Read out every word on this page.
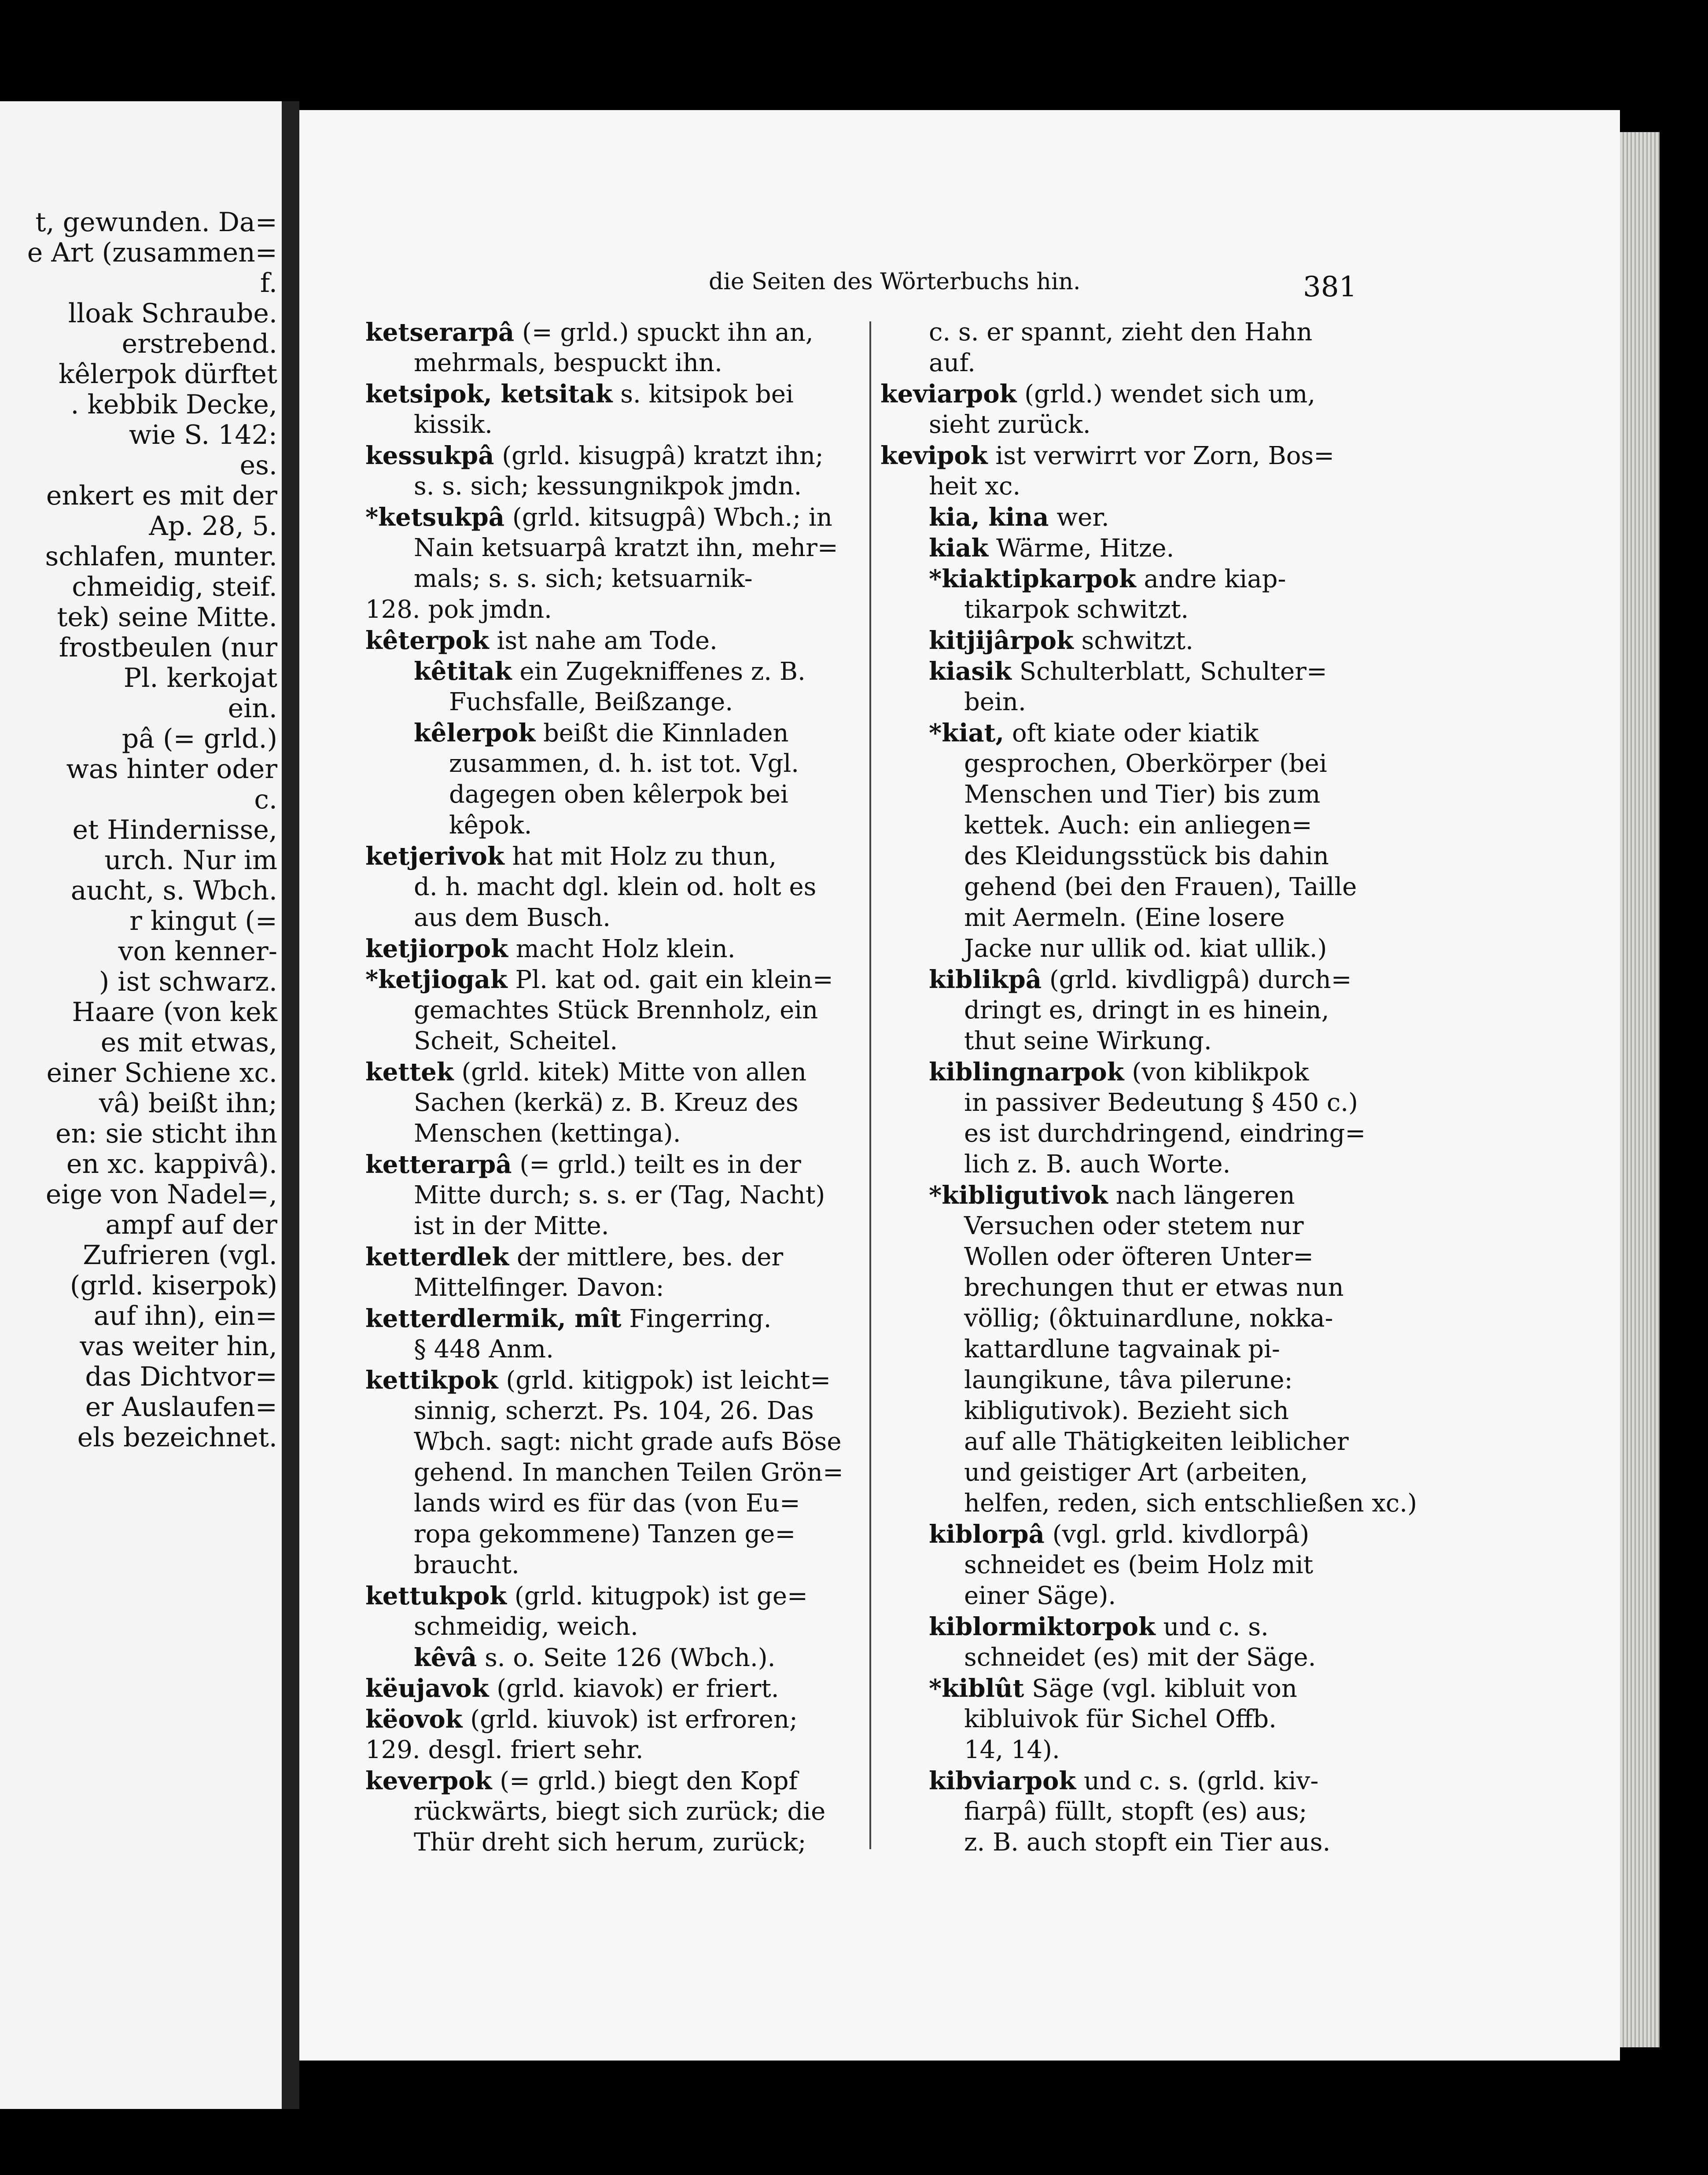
t, gewunden. Da=
e Art (zusammen=
f.
lloak Schraube.
erstrebend.
kêlerpok dürftet
. kebbik Decke,
wie S. 142:
es.
enkert es mit der
Ap. 28, 5.
schlafen, munter.
chmeidig, steif.
tek) seine Mitte.
frostbeulen (nur
Pl. kerkojat
ein.
pâ (= grld.)
was hinter oder
c.
et Hindernisse,
urch. Nur im
aucht, s. Wbch.
r kingut (=
von kenner-
) ist schwarz.
Haare (von kek
es mit etwas,
einer Schiene xc.
vâ) beißt ihn;
en: sie sticht ihn
en xc. kappivâ).
eige von Nadel=,
ampf auf der
Zufrieren (vgl.
(grld. kiserpok)
auf ihn), ein=
vas weiter hin,
das Dichtvor=
er Auslaufen=
els bezeichnet.
die Seiten des Wörterbuchs hin.	381
ketserarpâ (= grld.) spuckt ihn an,
mehrmals, bespuckt ihn.
ketsipok, ketsitak s. kitsipok bei
kissik.
kessukpâ (grld. kisugpâ) kratzt ihn;
s. s. sich; kessungnikpok jmdn.
*ketsukpâ (grld. kitsugpâ) Wbch.; in
Nain ketsuarpâ kratzt ihn, mehr=
mals; s. s. sich; ketsuarnik-
128. pok jmdn.
kêterpok ist nahe am Tode.
kêtitak ein Zugekniffenes z. B.
Fuchsfalle, Beißzange.
kêlerpok beißt die Kinnladen
zusammen, d. h. ist tot. Vgl.
dagegen oben kêlerpok bei
kêpok.
ketjerivok hat mit Holz zu thun,
d. h. macht dgl. klein od. holt es
aus dem Busch.
ketjiorpok macht Holz klein.
*ketjiogak Pl. kat od. gait ein klein=
gemachtes Stück Brennholz, ein
Scheit, Scheitel.
kettek (grld. kitek) Mitte von allen
Sachen (kerkä) z. B. Kreuz des
Menschen (kettinga).
ketterarpâ (= grld.) teilt es in der
Mitte durch; s. s. er (Tag, Nacht)
ist in der Mitte.
ketterdlek der mittlere, bes. der
Mittelfinger. Davon:
ketterdlermik, mît Fingerring.
§ 448 Anm.
kettikpok (grld. kitigpok) ist leicht=
sinnig, scherzt. Ps. 104, 26. Das
Wbch. sagt: nicht grade aufs Böse
gehend. In manchen Teilen Grön=
lands wird es für das (von Eu=
ropa gekommene) Tanzen ge=
braucht.
kettukpok (grld. kitugpok) ist ge=
schmeidig, weich.
kêvâ s. o. Seite 126 (Wbch.).
këujavok (grld. kiavok) er friert.
këovok (grld. kiuvok) ist erfroren;
129. desgl. friert sehr.
keverpok (= grld.) biegt den Kopf
rückwärts, biegt sich zurück; die
Thür dreht sich herum, zurück;
c. s. er spannt, zieht den Hahn
auf.
keviarpok (grld.) wendet sich um,
sieht zurück.
kevipok ist verwirrt vor Zorn, Bos=
heit xc.
kia, kina wer.
kiak Wärme, Hitze.
*kiaktipkarpok andre kiap-
tikarpok schwitzt.
kitjijârpok schwitzt.
kiasik Schulterblatt, Schulter=
bein.
*kiat, oft kiate oder kiatik
gesprochen, Oberkörper (bei
Menschen und Tier) bis zum
kettek. Auch: ein anliegen=
des Kleidungsstück bis dahin
gehend (bei den Frauen), Taille
mit Aermeln. (Eine losere
Jacke nur ullik od. kiat ullik.)
kiblikpâ (grld. kivdligpâ) durch=
dringt es, dringt in es hinein,
thut seine Wirkung.
kiblingnarpok (von kiblikpok
in passiver Bedeutung § 450 c.)
es ist durchdringend, eindring=
lich z. B. auch Worte.
*kibligutivok nach längeren
Versuchen oder stetem nur
Wollen oder öfteren Unter=
brechungen thut er etwas nun
völlig; (ôktuinardlune, nokka-
kattardlune tagvainak pi-
laungikune, tâva pilerune:
kibligutivok). Bezieht sich
auf alle Thätigkeiten leiblicher
und geistiger Art (arbeiten,
helfen, reden, sich entschließen xc.)
kiblorpâ (vgl. grld. kivdlorpâ)
schneidet es (beim Holz mit
einer Säge).
kiblormiktorpok und c. s.
schneidet (es) mit der Säge.
*kiblût Säge (vgl. kibluit von
kibluivok für Sichel Offb.
14, 14).
kibviarpok und c. s. (grld. kiv-
fiarpâ) füllt, stopft (es) aus;
z. B. auch stopft ein Tier aus.
